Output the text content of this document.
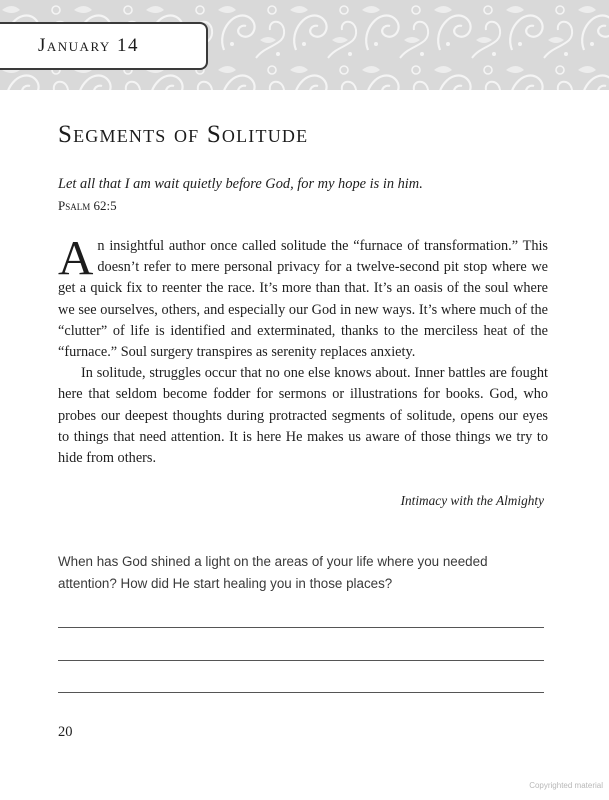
January 14
Segments of Solitude
Let all that I am wait quietly before God, for my hope is in him.
Psalm 62:5

An insightful author once called solitude the “furnace of transformation.” This doesn’t refer to mere personal privacy for a twelve-second pit stop where we get a quick fix to reenter the race. It’s more than that. It’s an oasis of the soul where we see ourselves, others, and especially our God in new ways. It’s where much of the “clutter” of life is identified and exterminated, thanks to the merciless heat of the “furnace.” Soul surgery transpires as serenity replaces anxiety.

In solitude, struggles occur that no one else knows about. Inner battles are fought here that seldom become fodder for sermons or illustrations for books. God, who probes our deepest thoughts during protracted segments of solitude, opens our eyes to things that need attention. It is here He makes us aware of those things we try to hide from others.

Intimacy with the Almighty
When has God shined a light on the areas of your life where you needed attention? How did He start healing you in those places?
20
Copyrighted material
